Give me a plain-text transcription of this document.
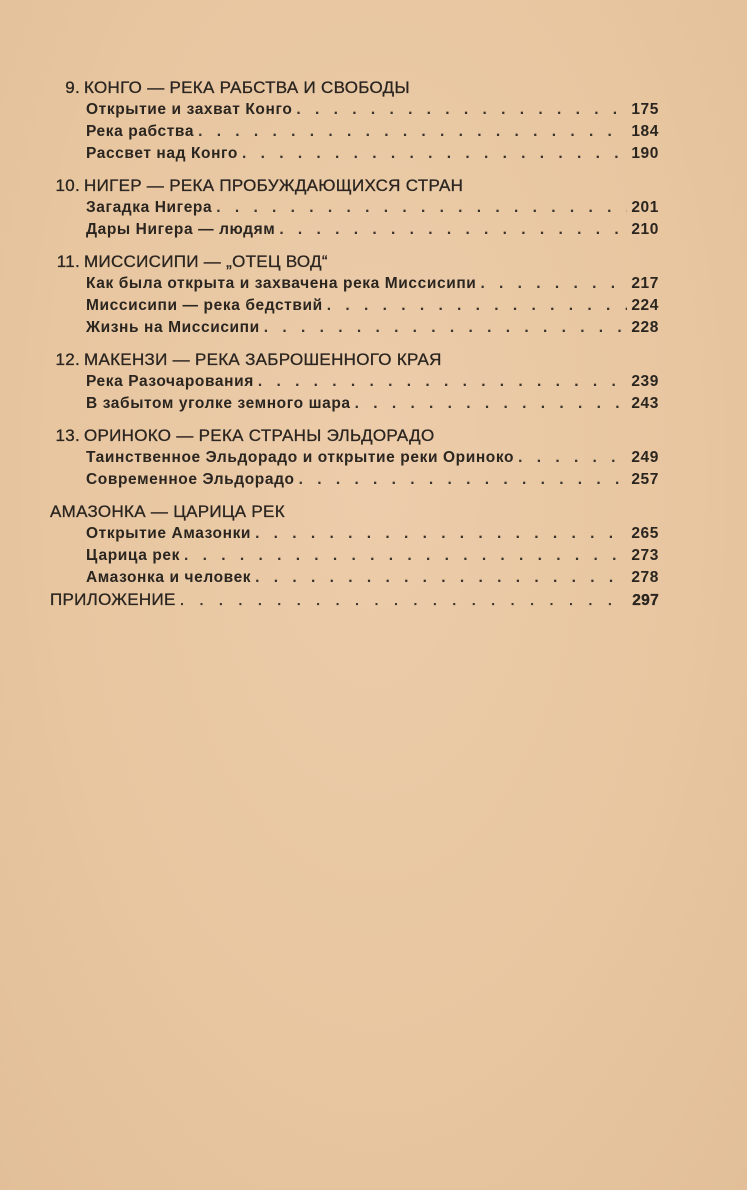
9. КОНГО — РЕКА РАБСТВА И СВОБОДЫ
Открытие и захват Конго . . .	175
Река рабства . . .	184
Рассвет над Конго . . .	190
10. НИГЕР — РЕКА ПРОБУЖДАЮЩИХСЯ СТРАН
Загадка Нигера . . .	201
Дары Нигера — людям . . .	210
11. МИССИСИПИ — „ОТЕЦ ВОД“
Как была открыта и захвачена река Миссисипи . . .	217
Миссисипи — река бедствий . . .	224
Жизнь на Миссисипи . . .	228
12. МАКЕНЗИ — РЕКА ЗАБРОШЕННОГО КРАЯ
Река Разочарования . . .	239
В забытом уголке земного шара . . .	243
13. ОРИНОКО — РЕКА СТРАНЫ ЭЛЬДОРАДО
Таинственное Эльдорадо и открытие реки Ориноко . . .	249
Современное Эльдорадо . . .	257
АМАЗОНКА — ЦАРИЦА РЕК
Открытие Амазонки . . .	265
Царица рек . . .	273
Амазонка и человек . . .	278
ПРИЛОЖЕНИЕ . . .	297
